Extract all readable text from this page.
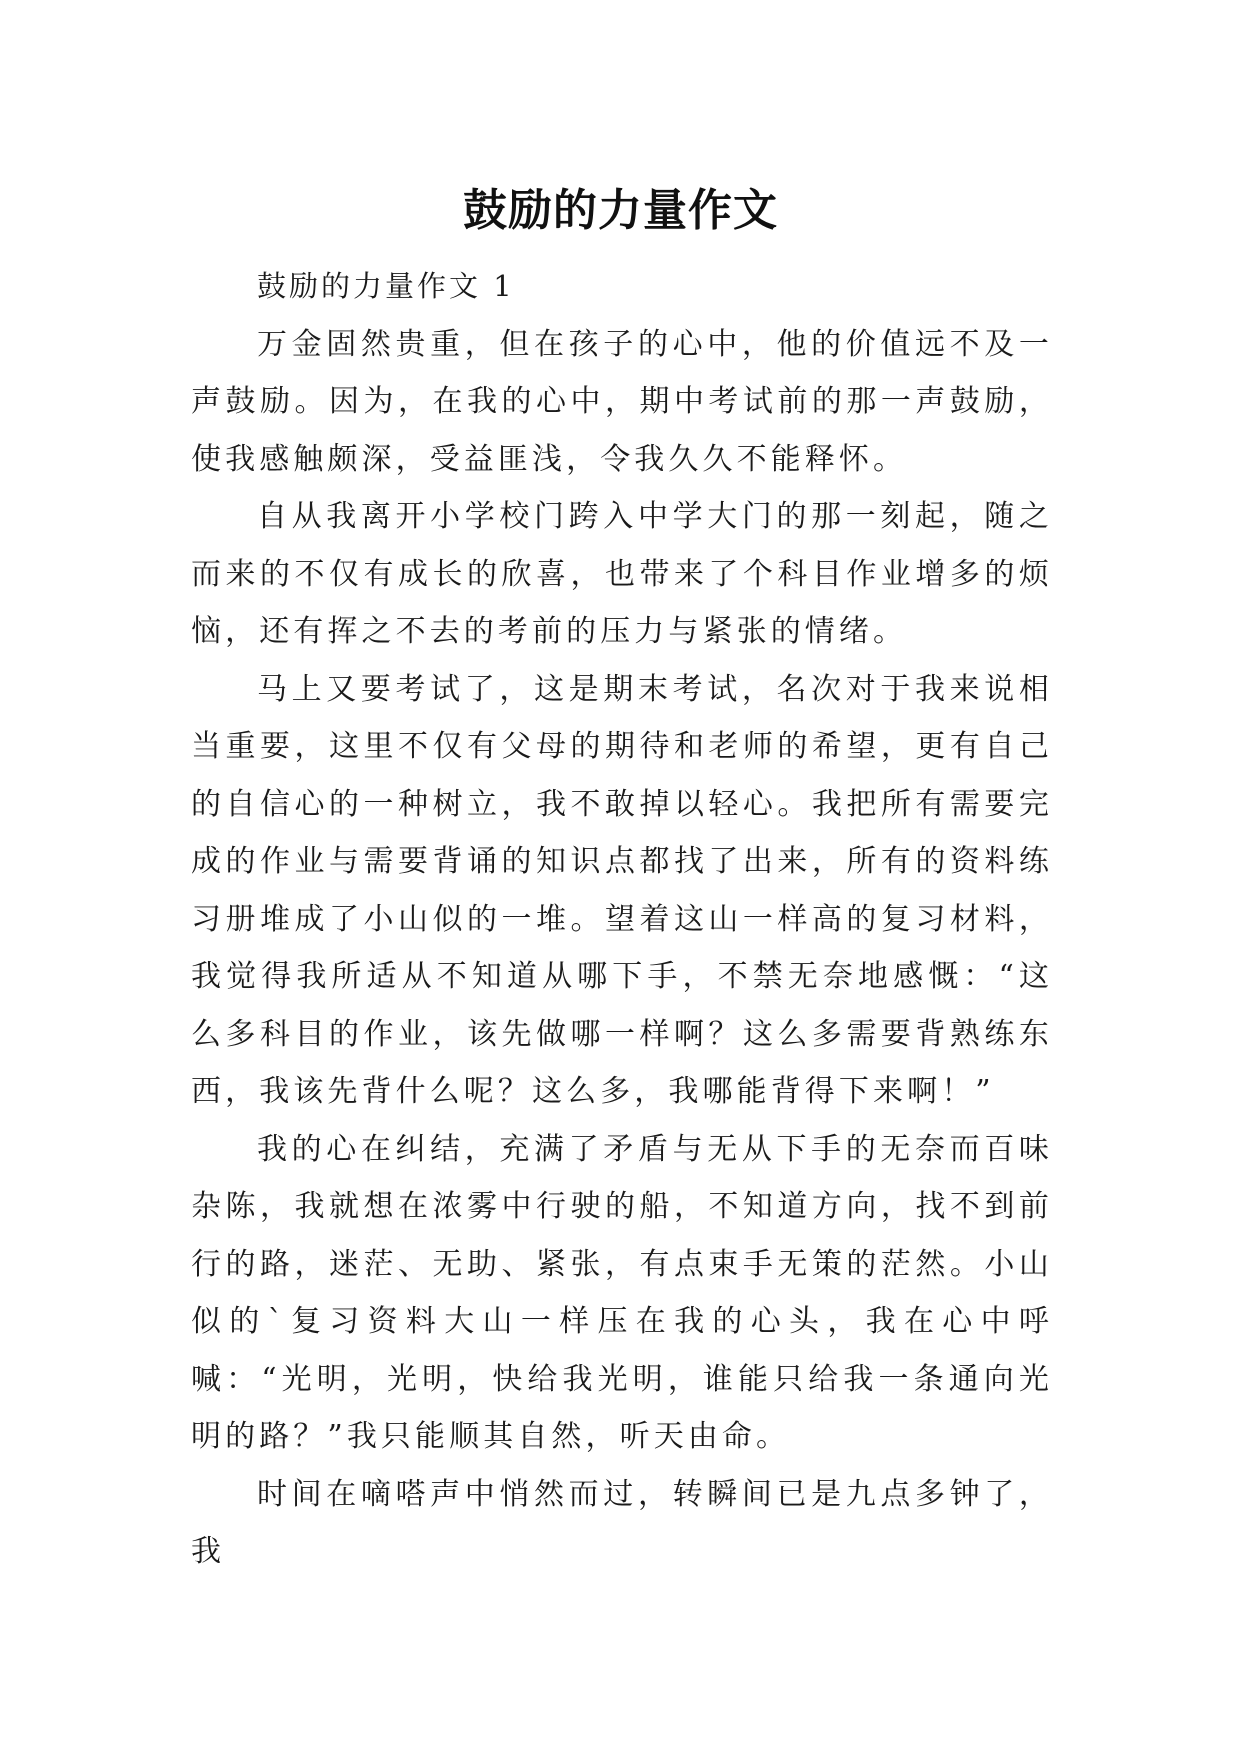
鼓励的力量作文

鼓励的力量作文 1

万金固然贵重，但在孩子的心中，他的价值远不及一声鼓励。因为，在我的心中，期中考试前的那一声鼓励，使我感触颇深，受益匪浅，令我久久不能释怀。

自从我离开小学校门跨入中学大门的那一刻起，随之而来的不仅有成长的欣喜，也带来了个科目作业增多的烦恼，还有挥之不去的考前的压力与紧张的情绪。

马上又要考试了，这是期末考试，名次对于我来说相当重要，这里不仅有父母的期待和老师的希望，更有自己的自信心的一种树立，我不敢掉以轻心。我把所有需要完成的作业与需要背诵的知识点都找了出来，所有的资料练习册堆成了小山似的一堆。望着这山一样高的复习材料，我觉得我所适从不知道从哪下手，不禁无奈地感慨：“这么多科目的作业，该先做哪一样啊？这么多需要背熟练东西，我该先背什么呢？这么多，我哪能背得下来啊！”

我的心在纠结，充满了矛盾与无从下手的无奈而百味杂陈，我就想在浓雾中行驶的船，不知道方向，找不到前行的路，迷茫、无助、紧张，有点束手无策的茫然。小山似的`复习资料大山一样压在我的心头，我在心中呼喊：“光明，光明，快给我光明，谁能只给我一条通向光明的路？”我只能顺其自然，听天由命。

时间在嘀嗒声中悄然而过，转瞬间已是九点多钟了，我
